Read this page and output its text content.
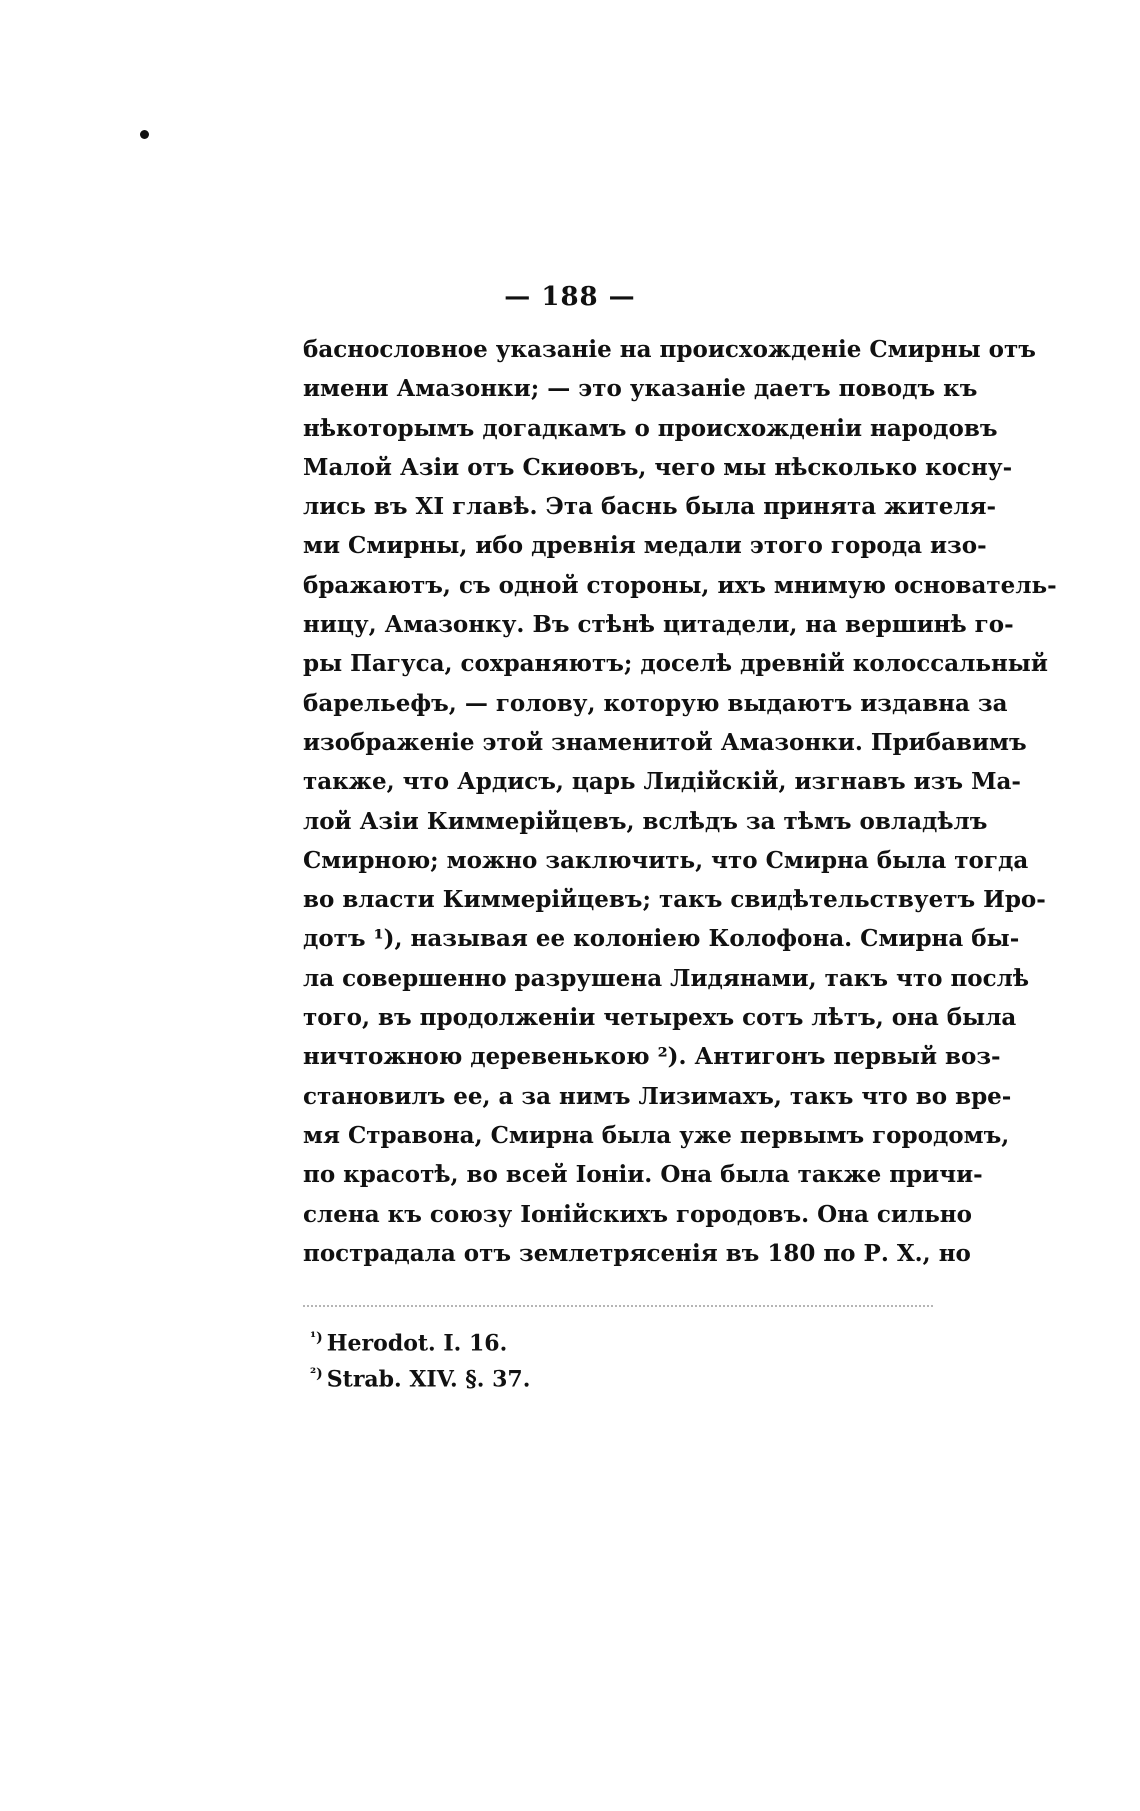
— 188 —
баснословное указаніе на происхожденіе Смирны отъ
имени Амазонки; — это указаніе даетъ поводъ къ
нѣкоторымъ догадкамъ о происхожденіи народовъ
Малой Азіи отъ Скиѳовъ, чего мы нѣсколько косну-
лись въ XI главѣ. Эта баснь была принята жителя-
ми Смирны, ибо древнія медали этого города изо-
бражаютъ, съ одной стороны, ихъ мнимую основатель-
ницу, Амазонку. Въ стѣнѣ цитадели, на вершинѣ го-
ры Пагуса, сохраняютъ; доселѣ древній колоссальный
барельефъ, — голову, которую выдаютъ издавна за
изображеніе этой знаменитой Амазонки. Прибавимъ
также, что Ардисъ, царь Лидійскій, изгнавъ изъ Ма-
лой Азіи Киммерійцевъ, вслѣдъ за тѣмъ овладѣлъ
Смирною; можно заключить, что Смирна была тогда
во власти Киммерійцевъ; такъ свидѣтельствуетъ Иро-
дотъ ¹), называя ее колоніею Колофона. Смирна бы-
ла совершенно разрушена Лидянами, такъ что послѣ
того, въ продолженіи четырехъ сотъ лѣтъ, она была
ничтожною деревенькою ²). Антигонъ первый воз-
становилъ ее, а за нимъ Лизимахъ, такъ что во вре-
мя Стравона, Смирна была уже первымъ городомъ,
по красотѣ, во всей Іоніи. Она была также причи-
слена къ союзу Іонійскихъ городовъ. Она сильно
пострадала отъ землетрясенія въ 180 по Р. X., но
$^{^1)}$ Herodot. I. 16.
$^{^2)}$ Strab. XIV. §. 37.
